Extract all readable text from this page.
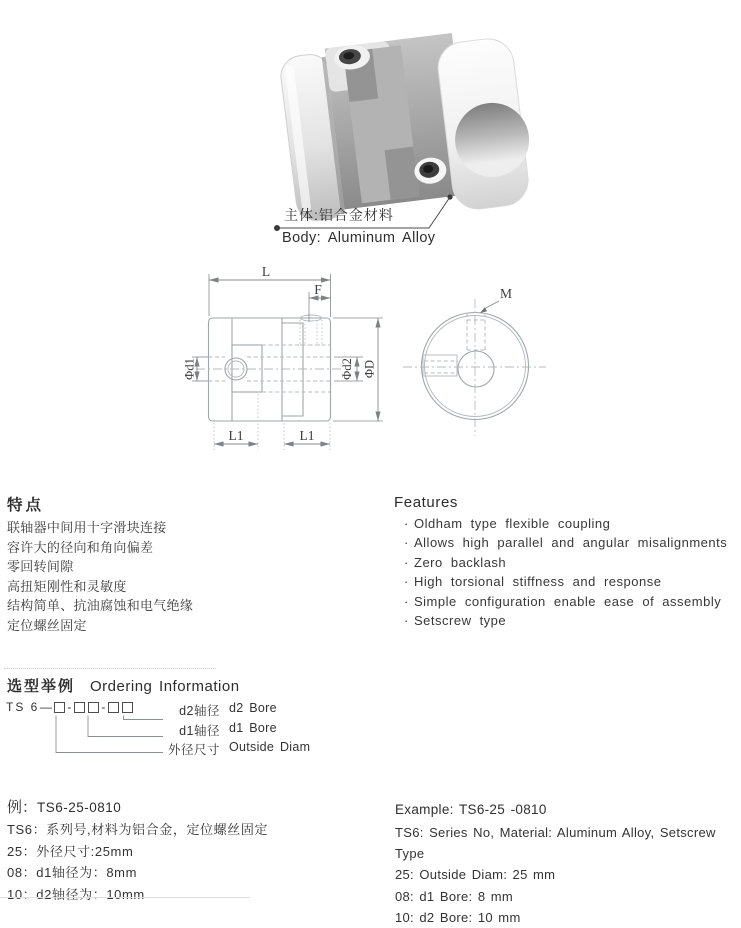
主体:铝合金材料
Body: Aluminum Alloy
L
F
Φd1	Φd2 ΦD
L1	L1
M
特点
联轴器中间用十字滑块连接
容许大的径向和角向偏差
零回转间隙
高扭矩刚性和灵敏度
结构简单、抗油腐蚀和电气绝缘
定位螺丝固定
Features
· Oldham type flexible coupling
· Allows high parallel and angular misalignments
· Zero backlash
· High torsional stiffness and response
· Simple configuration enable ease of assembly
· Setscrew type
选型举例 Ordering Information
TS 6 — -	-	d2轴径 d2 Bore
d1轴径 d1 Bore
外径尺寸 Outside Diam
例： TS6-25-0810
TS6：系列号,材料为铝合金，定位螺丝固定
25：外径尺寸:25mm
08：d1轴径为：8mm
10：d2轴径为：10mm
Example: TS6-25 -0810
TS6: Series No, Material: Aluminum Alloy, Setscrew Type
25: Outside Diam: 25 mm
08: d1 Bore: 8 mm
10: d2 Bore: 10 mm
